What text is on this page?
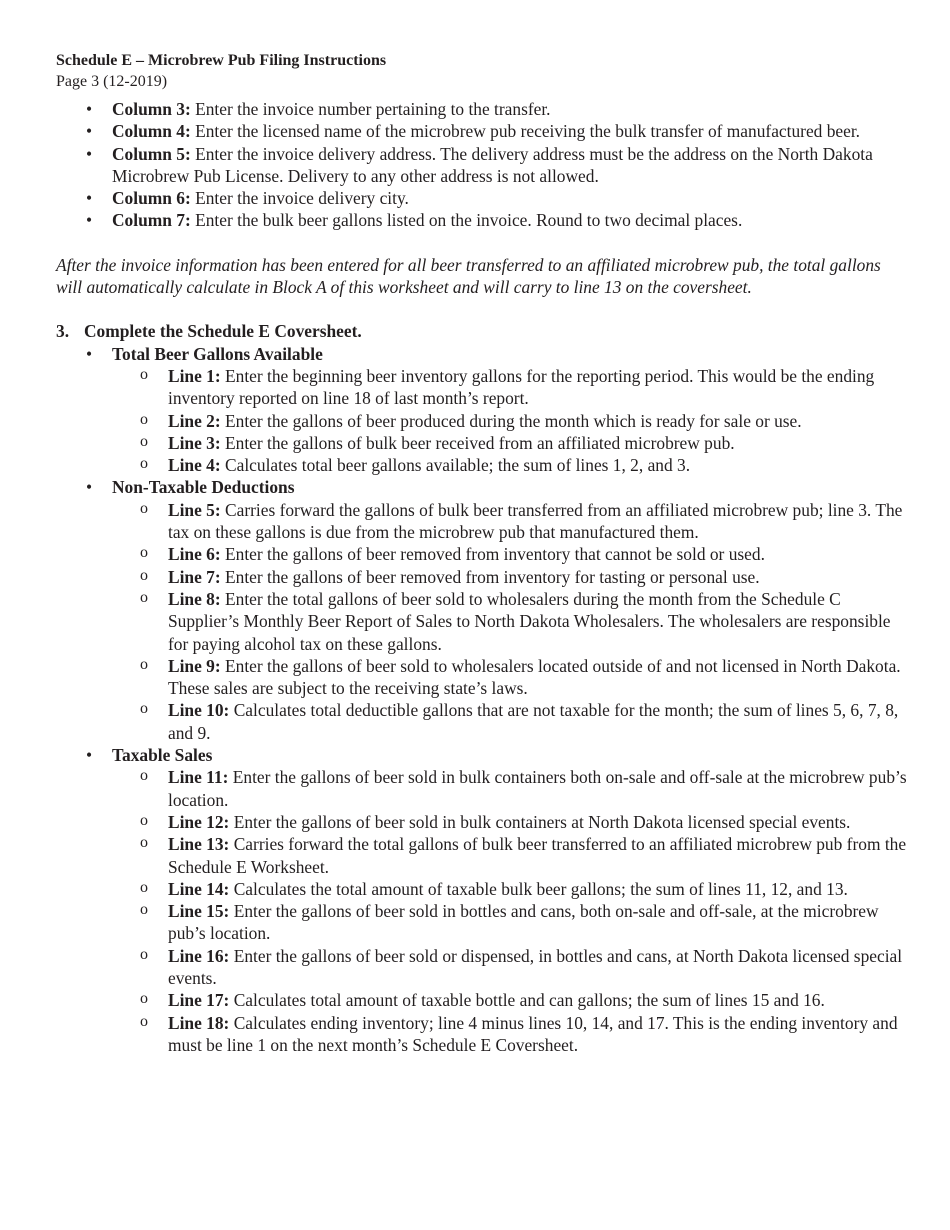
Schedule E – Microbrew Pub Filing Instructions
Page 3 (12-2019)
• Column 3: Enter the invoice number pertaining to the transfer.
• Column 4: Enter the licensed name of the microbrew pub receiving the bulk transfer of manufactured beer.
• Column 5: Enter the invoice delivery address. The delivery address must be the address on the North Dakota Microbrew Pub License. Delivery to any other address is not allowed.
• Column 6: Enter the invoice delivery city.
• Column 7: Enter the bulk beer gallons listed on the invoice. Round to two decimal places.
After the invoice information has been entered for all beer transferred to an affiliated microbrew pub, the total gallons will automatically calculate in Block A of this worksheet and will carry to line 13 on the coversheet.
3. Complete the Schedule E Coversheet.
• Total Beer Gallons Available
o Line 1: Enter the beginning beer inventory gallons for the reporting period. This would be the ending inventory reported on line 18 of last month’s report.
o Line 2: Enter the gallons of beer produced during the month which is ready for sale or use.
o Line 3: Enter the gallons of bulk beer received from an affiliated microbrew pub.
o Line 4: Calculates total beer gallons available; the sum of lines 1, 2, and 3.
• Non-Taxable Deductions
o Line 5: Carries forward the gallons of bulk beer transferred from an affiliated microbrew pub; line 3. The tax on these gallons is due from the microbrew pub that manufactured them.
o Line 6: Enter the gallons of beer removed from inventory that cannot be sold or used.
o Line 7: Enter the gallons of beer removed from inventory for tasting or personal use.
o Line 8: Enter the total gallons of beer sold to wholesalers during the month from the Schedule C Supplier’s Monthly Beer Report of Sales to North Dakota Wholesalers. The wholesalers are responsible for paying alcohol tax on these gallons.
o Line 9: Enter the gallons of beer sold to wholesalers located outside of and not licensed in North Dakota. These sales are subject to the receiving state’s laws.
o Line 10: Calculates total deductible gallons that are not taxable for the month; the sum of lines 5, 6, 7, 8, and 9.
• Taxable Sales
o Line 11: Enter the gallons of beer sold in bulk containers both on-sale and off-sale at the microbrew pub’s location.
o Line 12: Enter the gallons of beer sold in bulk containers at North Dakota licensed special events.
o Line 13: Carries forward the total gallons of bulk beer transferred to an affiliated microbrew pub from the Schedule E Worksheet.
o Line 14: Calculates the total amount of taxable bulk beer gallons; the sum of lines 11, 12, and 13.
o Line 15: Enter the gallons of beer sold in bottles and cans, both on-sale and off-sale, at the microbrew pub’s location.
o Line 16: Enter the gallons of beer sold or dispensed, in bottles and cans, at North Dakota licensed special events.
o Line 17: Calculates total amount of taxable bottle and can gallons; the sum of lines 15 and 16.
o Line 18: Calculates ending inventory; line 4 minus lines 10, 14, and 17. This is the ending inventory and must be line 1 on the next month’s Schedule E Coversheet.
